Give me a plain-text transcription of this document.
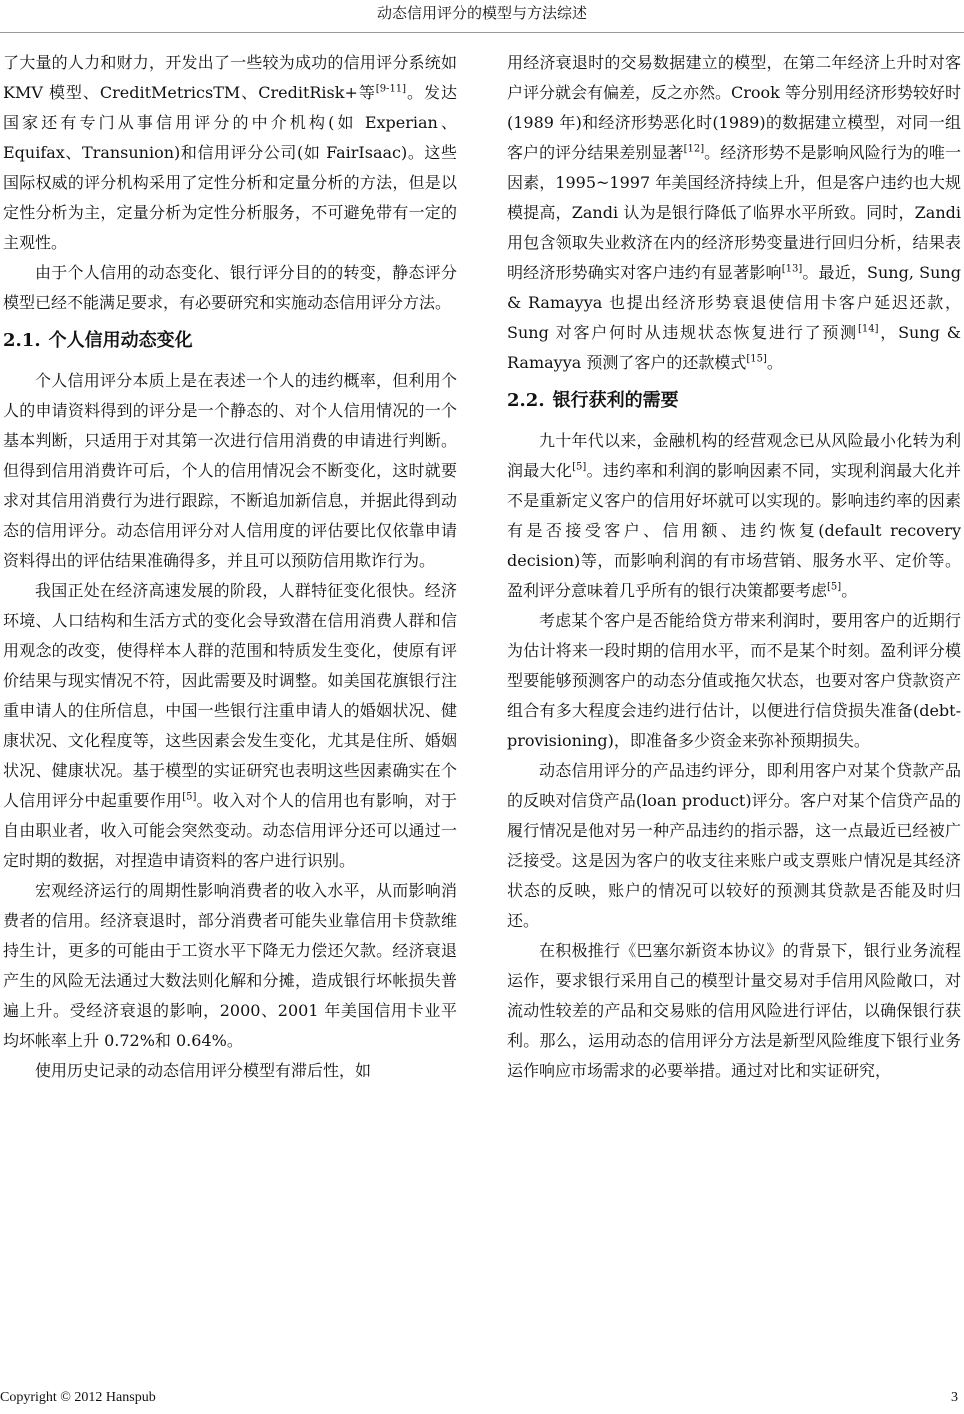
动态信用评分的模型与方法综述

了大量的人力和财力，开发出了一些较为成功的信用评分系统如 KMV 模型、CreditMetricsTM、CreditRisk+等[9-11]。发达国家还有专门从事信用评分的中介机构(如 Experian、Equifax、Transunion)和信用评分公司(如 FairIsaac)。这些国际权威的评分机构采用了定性分析和定量分析的方法，但是以定性分析为主，定量分析为定性分析服务，不可避免带有一定的主观性。

由于个人信用的动态变化、银行评分目的的转变，静态评分模型已经不能满足要求，有必要研究和实施动态信用评分方法。

2.1. 个人信用动态变化

个人信用评分本质上是在表述一个人的违约概率，但利用个人的申请资料得到的评分是一个静态的、对个人信用情况的一个基本判断，只适用于对其第一次进行信用消费的申请进行判断。但得到信用消费许可后，个人的信用情况会不断变化，这时就要求对其信用消费行为进行跟踪，不断追加新信息，并据此得到动态的信用评分。动态信用评分对人信用度的评估要比仅依靠申请资料得出的评估结果准确得多，并且可以预防信用欺诈行为。

我国正处在经济高速发展的阶段，人群特征变化很快。经济环境、人口结构和生活方式的变化会导致潜在信用消费人群和信用观念的改变，使得样本人群的范围和特质发生变化，使原有评价结果与现实情况不符，因此需要及时调整。如美国花旗银行注重申请人的住所信息，中国一些银行注重申请人的婚姻状况、健康状况、文化程度等，这些因素会发生变化，尤其是住所、婚姻状况、健康状况。基于模型的实证研究也表明这些因素确实在个人信用评分中起重要作用[5]。收入对个人的信用也有影响，对于自由职业者，收入可能会突然变动。动态信用评分还可以通过一定时期的数据，对捏造申请资料的客户进行识别。

宏观经济运行的周期性影响消费者的收入水平，从而影响消费者的信用。经济衰退时，部分消费者可能失业靠信用卡贷款维持生计，更多的可能由于工资水平下降无力偿还欠款。经济衰退产生的风险无法通过大数法则化解和分摊，造成银行坏帐损失普遍上升。受经济衰退的影响，2000、2001 年美国信用卡业平均坏帐率上升 0.72%和 0.64%。

使用历史记录的动态信用评分模型有滞后性，如

用经济衰退时的交易数据建立的模型，在第二年经济上升时对客户评分就会有偏差，反之亦然。Crook 等分别用经济形势较好时(1989 年)和经济形势恶化时(1989)的数据建立模型，对同一组客户的评分结果差别显著[12]。经济形势不是影响风险行为的唯一因素，1995~1997 年美国经济持续上升，但是客户违约也大规模提高，Zandi 认为是银行降低了临界水平所致。同时，Zandi 用包含领取失业救济在内的经济形势变量进行回归分析，结果表明经济形势确实对客户违约有显著影响[13]。最近，Sung, Sung & Ramayya 也提出经济形势衰退使信用卡客户延迟还款，Sung 对客户何时从违规状态恢复进行了预测[14]，Sung & Ramayya 预测了客户的还款模式[15]。

2.2. 银行获利的需要

九十年代以来，金融机构的经营观念已从风险最小化转为利润最大化[5]。违约率和利润的影响因素不同，实现利润最大化并不是重新定义客户的信用好坏就可以实现的。影响违约率的因素有是否接受客户、信用额、违约恢复(default recovery decision)等，而影响利润的有市场营销、服务水平、定价等。盈利评分意味着几乎所有的银行决策都要考虑[5]。

考虑某个客户是否能给贷方带来利润时，要用客户的近期行为估计将来一段时期的信用水平，而不是某个时刻。盈利评分模型要能够预测客户的动态分值或拖欠状态，也要对客户贷款资产组合有多大程度会违约进行估计，以便进行信贷损失准备(debt-provisioning)，即准备多少资金来弥补预期损失。

动态信用评分的产品违约评分，即利用客户对某个贷款产品的反映对信贷产品(loan product)评分。客户对某个信贷产品的履行情况是他对另一种产品违约的指示器，这一点最近已经被广泛接受。这是因为客户的收支往来账户或支票账户情况是其经济状态的反映，账户的情况可以较好的预测其贷款是否能及时归还。

在积极推行《巴塞尔新资本协议》的背景下，银行业务流程运作，要求银行采用自己的模型计量交易对手信用风险敞口，对流动性较差的产品和交易账的信用风险进行评估，以确保银行获利。那么，运用动态的信用评分方法是新型风险维度下银行业务运作响应市场需求的必要举措。通过对比和实证研究，

Copyright © 2012 Hanspub	3
